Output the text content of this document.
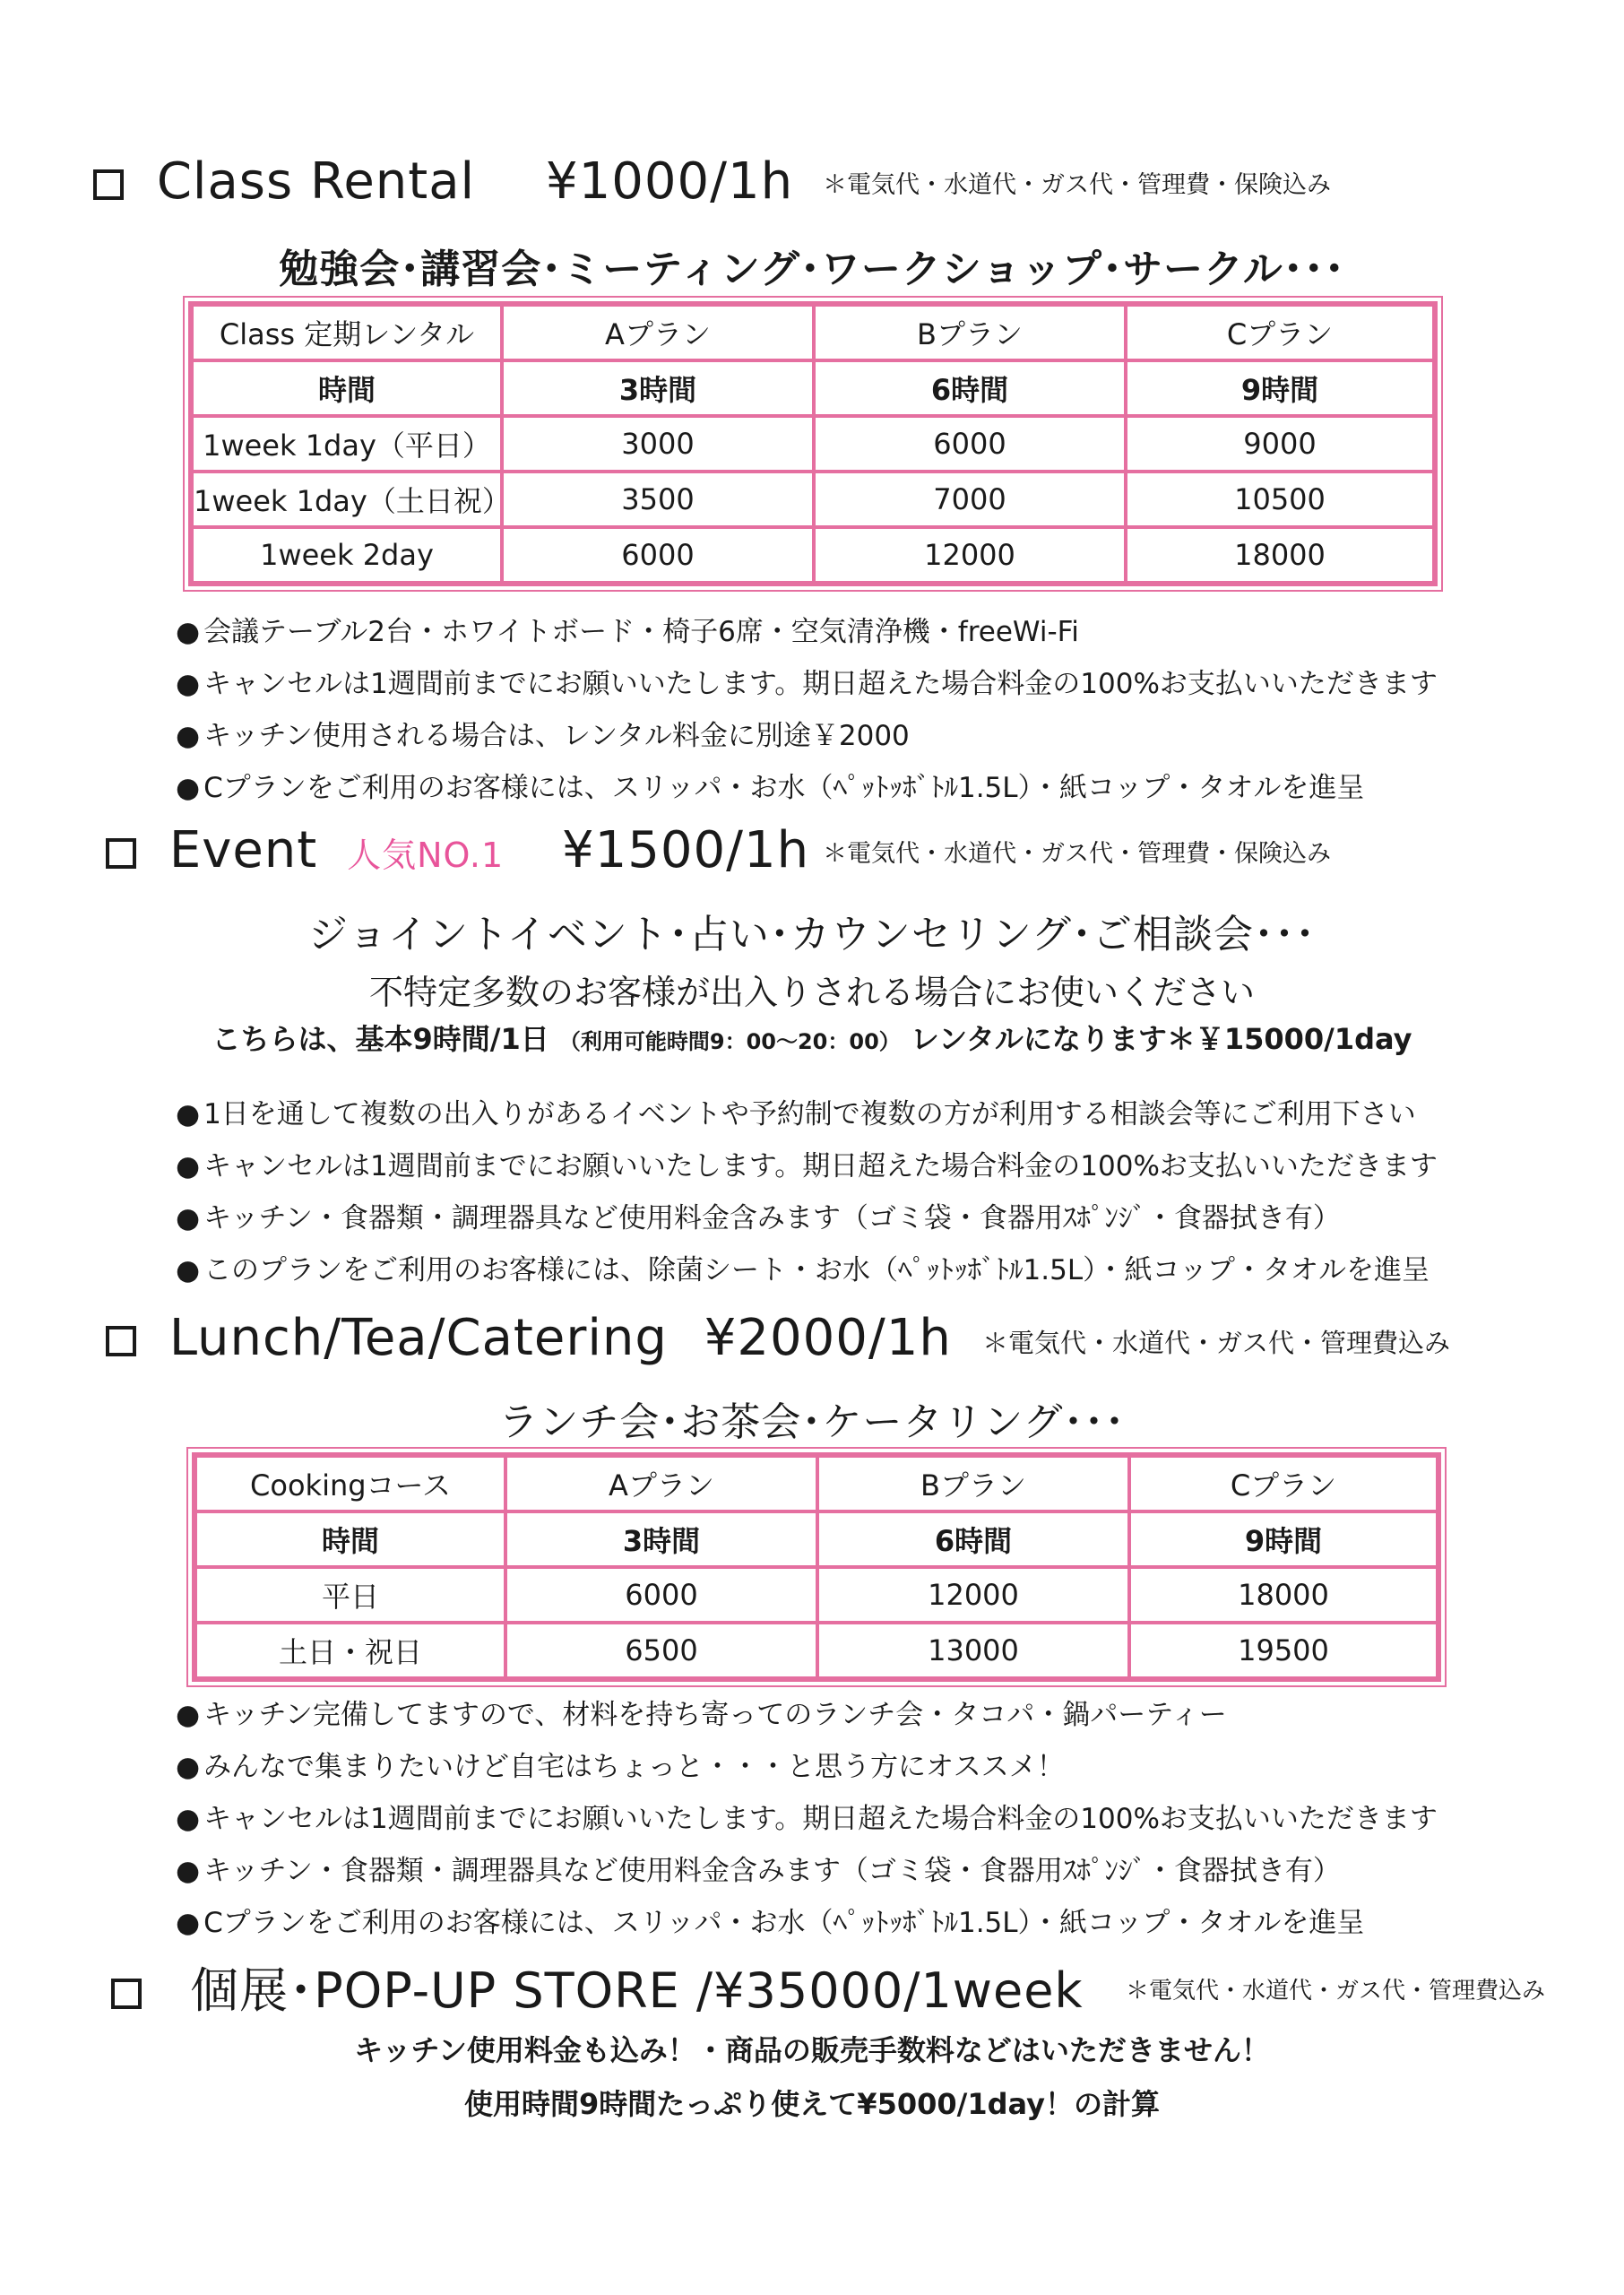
Class Rental ¥1000/1h ＊電気代・水道代・ガス代・管理費・保険込み
勉強会･講習会･ミーティング･ワークショップ･サークル･･･
Class 定期レンタル	Aプラン	Bプラン	Cプラン
時間	3時間	6時間	9時間
1week 1day（平日）	3000	6000	9000
1week 1day（土日祝）	3500	7000	10500
1week 2day	6000	12000	18000
● 会議テーブル2台・ホワイトボード・椅子6席・空気清浄機・freeWi-Fi
● キャンセルは1週間前までにお願いいたします。期日超えた場合料金の100%お支払いいただきます
● キッチン使用される場合は、レンタル料金に別途￥2000
● Cプランをご利用のお客様には、スリッパ・お水（ﾍﾟｯﾄｯﾎﾞﾄﾙ1.5L）・紙コップ・タオルを進呈
Event 人気NO.1 ¥1500/1h ＊電気代・水道代・ガス代・管理費・保険込み
ジョイントイベント･占い･カウンセリング･ご相談会･･･
不特定多数のお客様が出入りされる場合にお使いください
こちらは、基本9時間/1日 （利用可能時間9：00〜20：00） レンタルになります＊￥15000/1day
● 1日を通して複数の出入りがあるイベントや予約制で複数の方が利用する相談会等にご利用下さい
● キャンセルは1週間前までにお願いいたします。期日超えた場合料金の100%お支払いいただきます
● キッチン・食器類・調理器具など使用料金含みます（ゴミ袋・食器用ｽﾎﾟﾝｼﾞ・食器拭き有）
● このプランをご利用のお客様には、除菌シート・お水（ﾍﾟｯﾄｯﾎﾞﾄﾙ1.5L）・紙コップ・タオルを進呈
Lunch/Tea/Catering ¥2000/1h ＊電気代・水道代・ガス代・管理費込み
ランチ会･お茶会･ケータリング･･･
Cookingコース	Aプラン	Bプラン	Cプラン
時間	3時間	6時間	9時間
平日	6000	12000	18000
土日・祝日	6500	13000	19500
● キッチン完備してますので、材料を持ち寄ってのランチ会・タコパ・鍋パーティー
● みんなで集まりたいけど自宅はちょっと・・・と思う方にオススメ！
● キャンセルは1週間前までにお願いいたします。期日超えた場合料金の100%お支払いいただきます
● キッチン・食器類・調理器具など使用料金含みます（ゴミ袋・食器用ｽﾎﾟﾝｼﾞ・食器拭き有）
● Cプランをご利用のお客様には、スリッパ・お水（ﾍﾟｯﾄｯﾎﾞﾄﾙ1.5L）・紙コップ・タオルを進呈
個展･POP-UP STORE /¥35000/1week ＊電気代・水道代・ガス代・管理費込み
キッチン使用料金も込み！・商品の販売手数料などはいただきません！
使用時間9時間たっぷり使えて¥5000/1day！の計算
